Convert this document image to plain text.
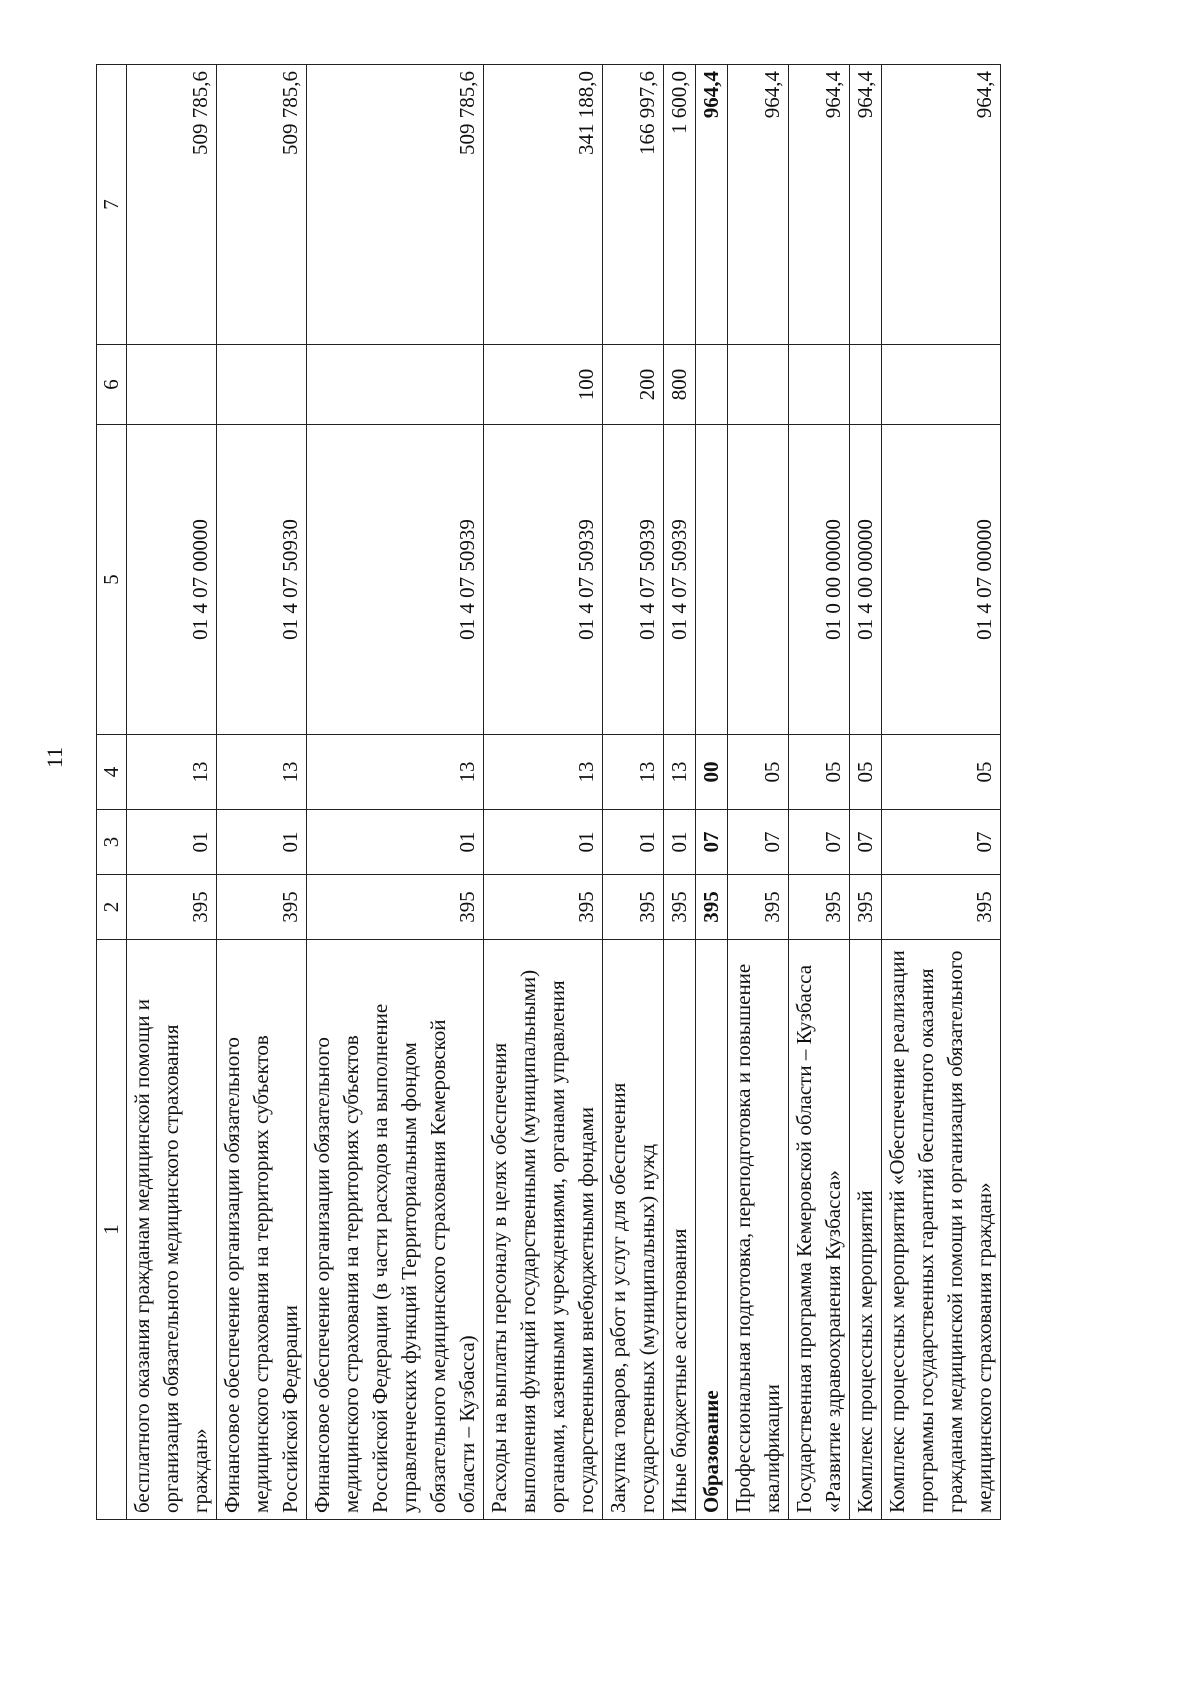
11
1	2	3	4	5	6	7
бесплатного оказания гражданам медицинской помощи и организация обязательного медицинского страхования граждан»	395	01	13	01 4 07 00000		509 785,6
Финансовое обеспечение организации обязательного медицинского страхования на территориях субъектов Российской Федерации	395	01	13	01 4 07 50930		509 785,6
Финансовое обеспечение организации обязательного медицинского страхования на территориях субъектов Российской Федерации (в части расходов на выполнение управленческих функций Территориальным фондом обязательного медицинского страхования Кемеровской области – Кузбасса)	395	01	13	01 4 07 50939		509 785,6
Расходы на выплаты персоналу в целях обеспечения выполнения функций государственными (муниципальными) органами, казенными учреждениями, органами управления государственными внебюджетными фондами	395	01	13	01 4 07 50939	100	341 188,0
Закупка товаров, работ и услуг для обеспечения государственных (муниципальных) нужд	395	01	13	01 4 07 50939	200	166 997,6
Иные бюджетные ассигнования	395	01	13	01 4 07 50939	800	1 600,0
Образование	395	07	00			964,4
Профессиональная подготовка, переподготовка и повышение квалификации	395	07	05			964,4
Государственная программа Кемеровской области – Кузбасса «Развитие здравоохранения Кузбасса»	395	07	05	01 0 00 00000		964,4
Комплекс процессных мероприятий	395	07	05	01 4 00 00000		964,4
Комплекс процессных мероприятий «Обеспечение реализации программы государственных гарантий бесплатного оказания гражданам медицинской помощи и организация обязательного медицинского страхования граждан»	395	07	05	01 4 07 00000		964,4
